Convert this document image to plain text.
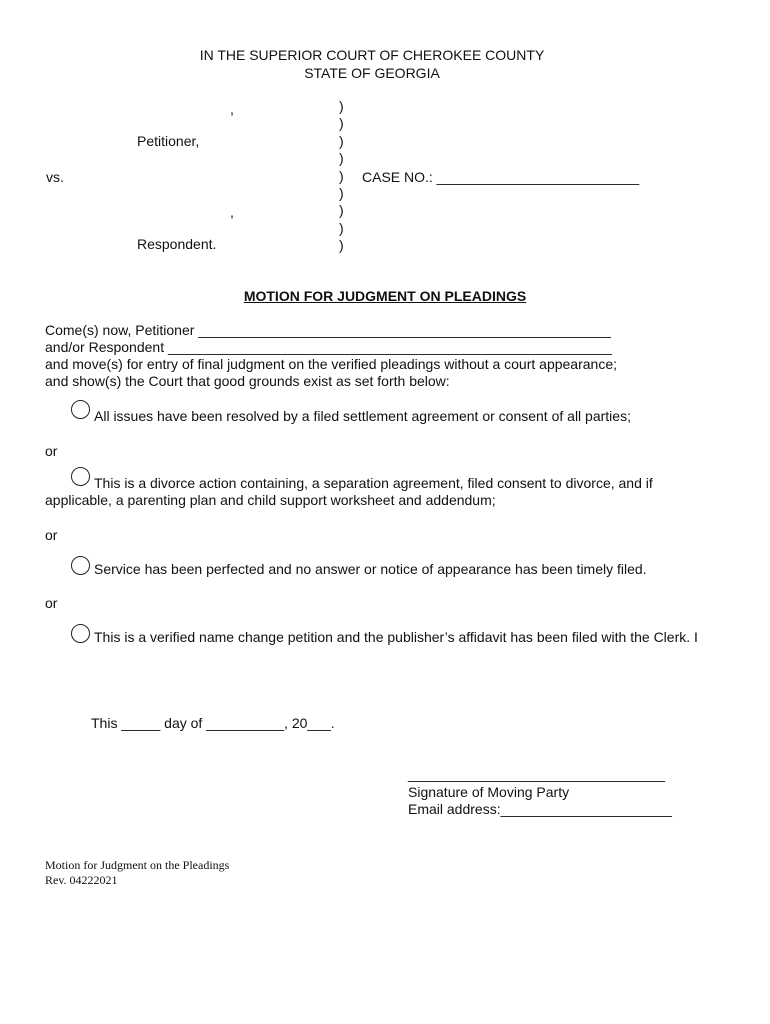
IN THE SUPERIOR COURT OF CHEROKEE COUNTY
STATE OF GEORGIA
,
Petitioner,
vs.
,
Respondent.
)
)
)
)
)
)
)
)
)
CASE NO.: __________________________
MOTION FOR JUDGMENT ON PLEADINGS
Come(s) now, Petitioner _____________________________________________________
and/or Respondent _________________________________________________________
and move(s) for entry of final judgment on the verified pleadings without a court appearance;
and show(s) the Court that good grounds exist as set forth below:
All issues have been resolved by a filed settlement agreement or consent of all parties;
or
This is a divorce action containing, a separation agreement, filed consent to divorce, and if
applicable, a parenting plan and child support worksheet and addendum;
or
Service has been perfected and no answer or notice of appearance has been timely filed.
or
This is a verified name change petition and the publisher’s affidavit has been filed with the Clerk. I
This _____ day of __________, 20___.
_________________________________
Signature of Moving Party
Email address:______________________
Motion for Judgment on the Pleadings
Rev. 04222021
